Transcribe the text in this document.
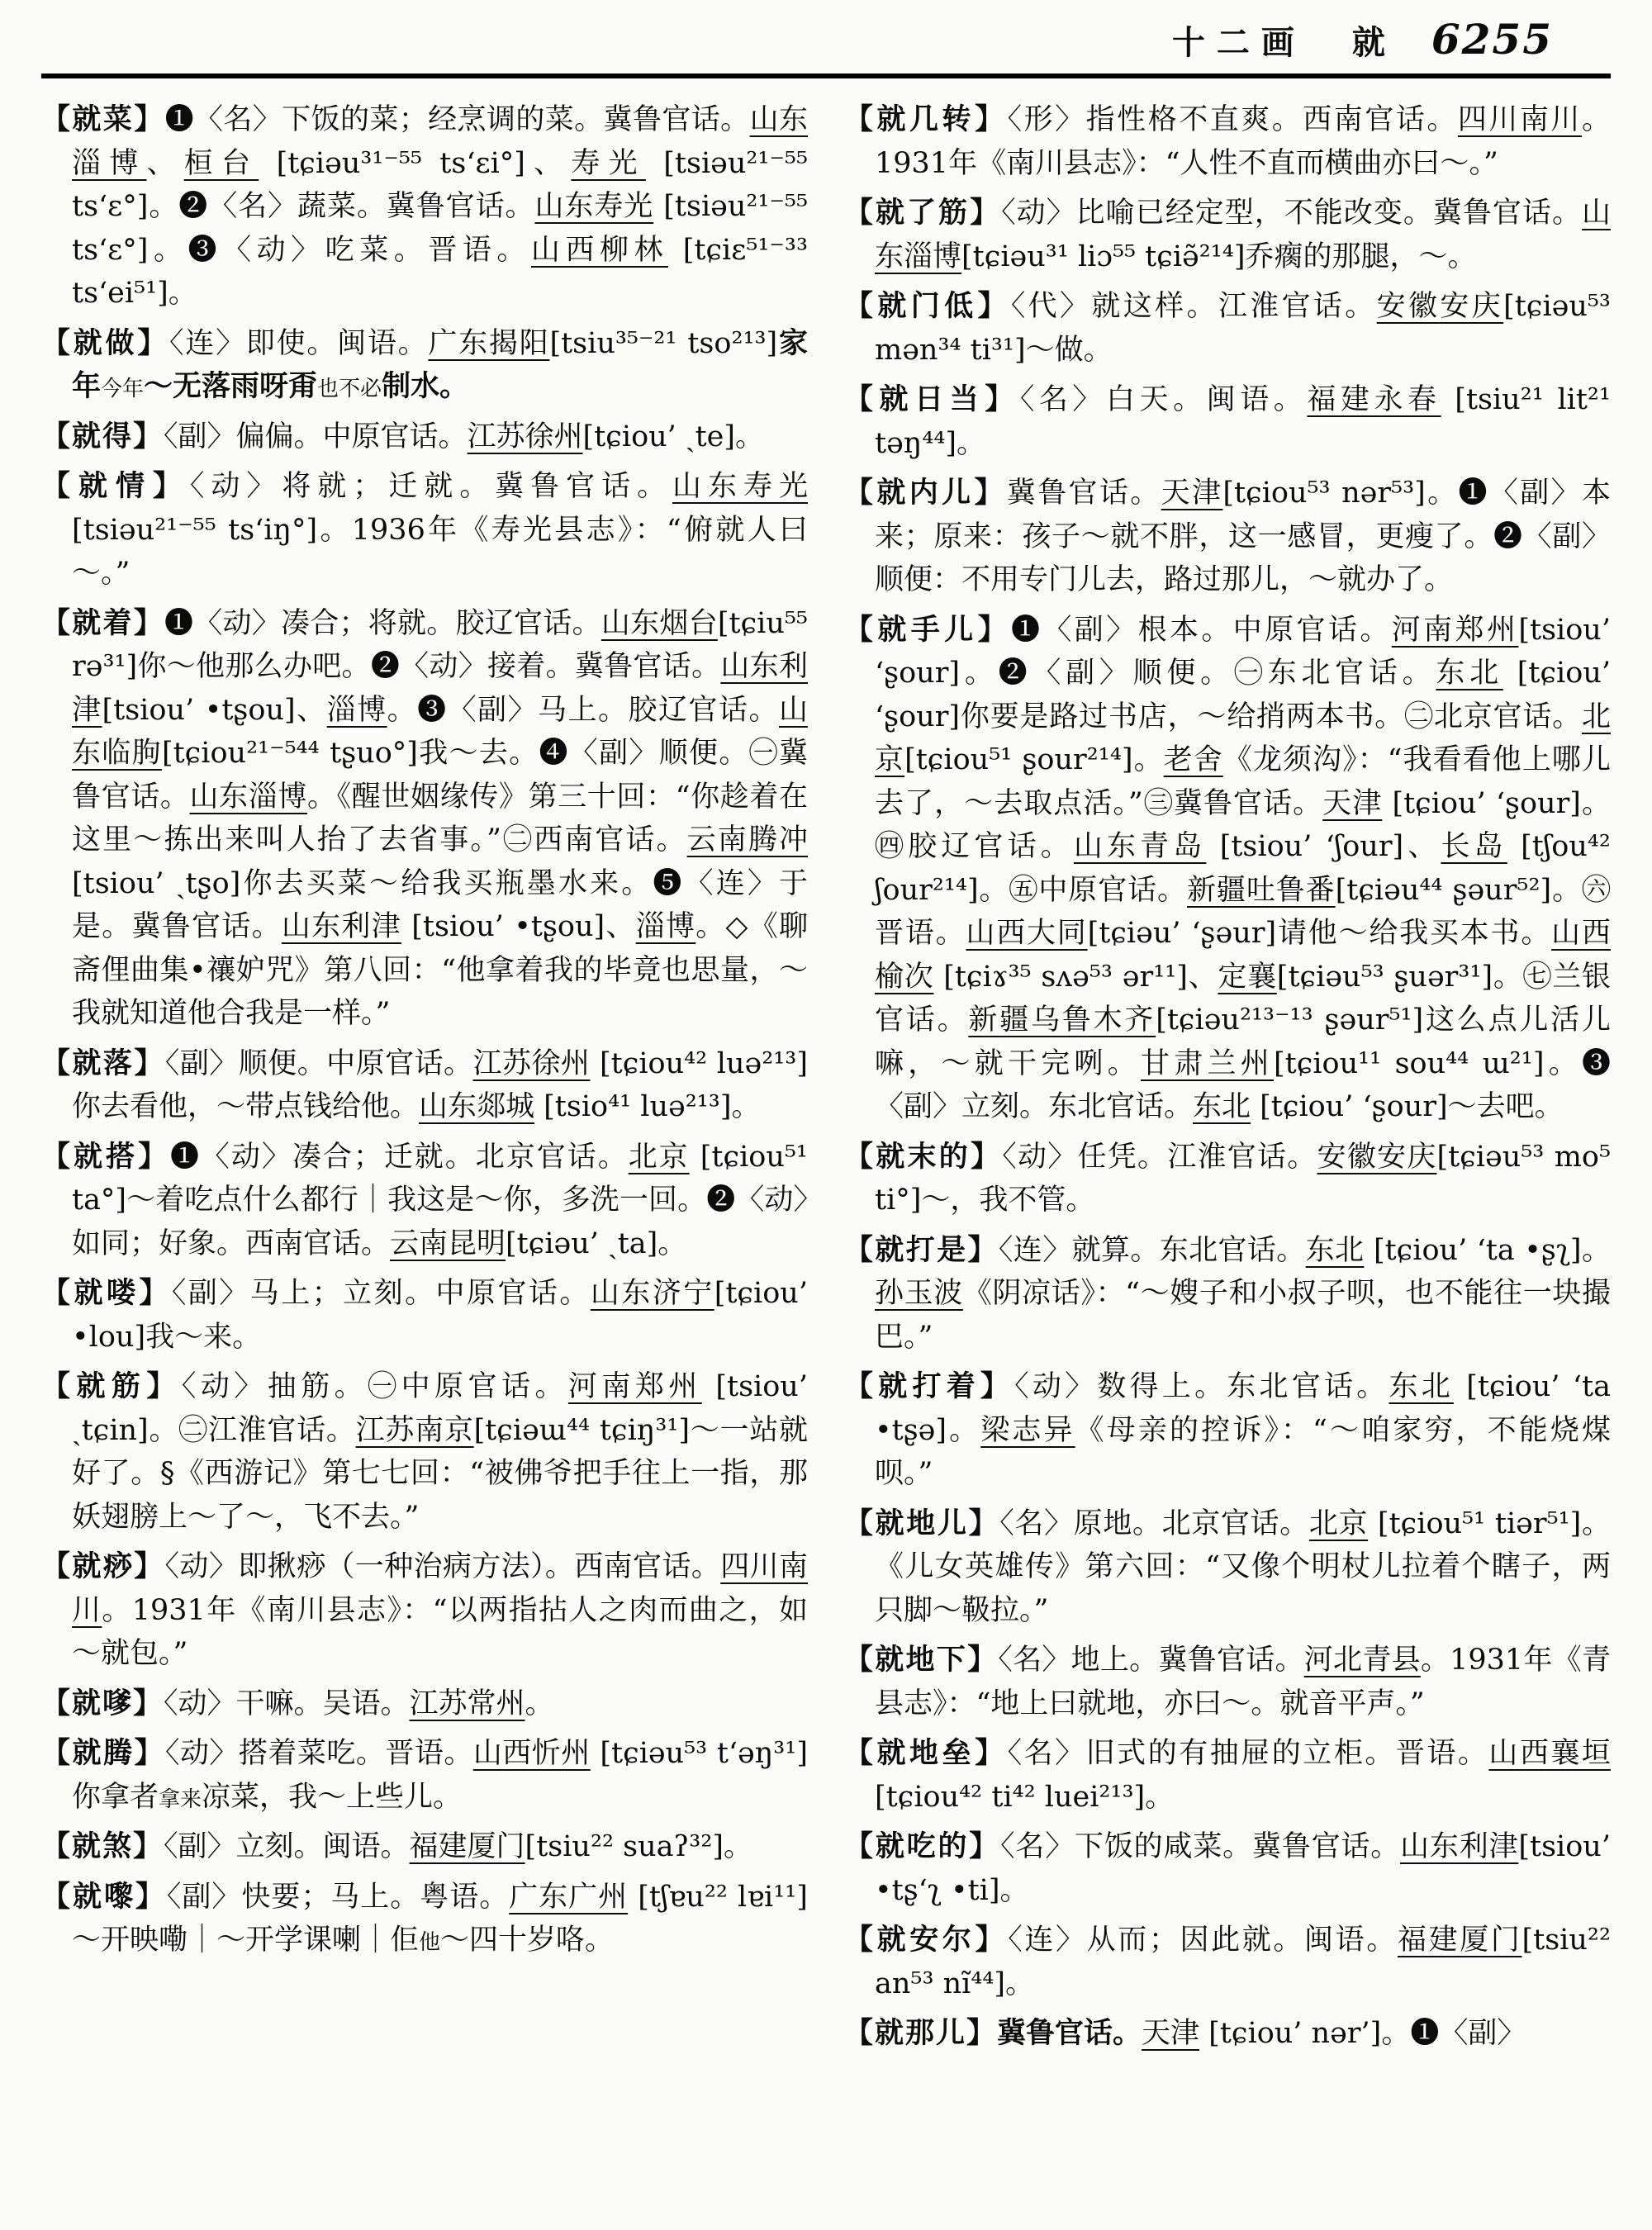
十二画 就 6255

【就菜】❶〈名〉下饭的菜；经烹调的菜。冀鲁官话。山东淄博、桓台 [tɕiəu³¹⁻⁵⁵ tsʻɛi°]、寿光 [tsiəu²¹⁻⁵⁵ tsʻɛ°]。❷〈名〉蔬菜。冀鲁官话。山东寿光 [tsiəu²¹⁻⁵⁵ tsʻɛ°]。❸〈动〉吃菜。晋语。山西柳林 [tɕiɛ⁵¹⁻³³ tsʻei⁵¹]。

【就做】〈连〉即使。闽语。广东揭阳[tsiu³⁵⁻²¹ tso²¹³]家年今年～无落雨呀甭也不必制水。

【就得】〈副〉偏偏。中原官话。江苏徐州[tɕiou’ ˏte]。

【就情】〈动〉将就；迁就。冀鲁官话。山东寿光[tsiəu²¹⁻⁵⁵ tsʻiŋ°]。1936年《寿光县志》：“俯就人曰～。”

【就着】❶〈动〉凑合；将就。胶辽官话。山东烟台[tɕiu⁵⁵ rə³¹]你～他那么办吧。❷〈动〉接着。冀鲁官话。山东利津[tsiou’ •tʂou]、淄博。❸〈副〉马上。胶辽官话。山东临朐[tɕiou²¹⁻⁵⁴⁴ tʂuo°]我～去。❹〈副〉顺便。㊀冀鲁官话。山东淄博。《醒世姻缘传》第三十回：“你趁着在这里～拣出来叫人抬了去省事。”㊁西南官话。云南腾冲 [tsiou’ ˏtʂo]你去买菜～给我买瓶墨水来。❺〈连〉于是。冀鲁官话。山东利津 [tsiou’ •tʂou]、淄博。◇《聊斋俚曲集•禳妒咒》第八回：“他拿着我的毕竟也思量，～我就知道他合我是一样。”

【就落】〈副〉顺便。中原官话。江苏徐州 [tɕiou⁴² luə²¹³]你去看他，～带点钱给他。山东郯城 [tsio⁴¹ luə²¹³]。

【就搭】❶〈动〉凑合；迁就。北京官话。北京 [tɕiou⁵¹ ta°]～着吃点什么都行｜我这是～你，多洗一回。❷〈动〉如同；好象。西南官话。云南昆明[tɕiəu’ ˏta]。

【就喽】〈副〉马上；立刻。中原官话。山东济宁[tɕiou’ •lou]我～来。

【就筋】〈动〉抽筋。㊀中原官话。河南郑州 [tsiou’ ˏtɕin]。㊁江淮官话。江苏南京[tɕiəɯ⁴⁴ tɕiŋ³¹]～一站就好了。§《西游记》第七七回：“被佛爷把手往上一指，那妖翅膀上～了～，飞不去。”

【就痧】〈动〉即揪痧（一种治病方法）。西南官话。四川南川。1931年《南川县志》：“以两指拈人之肉而曲之，如～就包。”

【就嗲】〈动〉干嘛。吴语。江苏常州。

【就腾】〈动〉搭着菜吃。晋语。山西忻州 [tɕiəu⁵³ tʻəŋ³¹] 你拿者拿来凉菜，我～上些儿。

【就煞】〈副〉立刻。闽语。福建厦门[tsiu²² suaʔ³²]。

【就嚟】〈副〉快要；马上。粤语。广东广州 [tʃɐu²² lɐi¹¹] ～开映嘞｜～开学课喇｜佢他～四十岁咯。

【就几转】〈形〉指性格不直爽。西南官话。四川南川。1931年《南川县志》：“人性不直而横曲亦曰～。”

【就了筋】〈动〉比喻已经定型，不能改变。冀鲁官话。山东淄博[tɕiəu³¹ liɔ⁵⁵ tɕiə̃²¹⁴]乔瘸的那腿，～。

【就门低】〈代〉就这样。江淮官话。安徽安庆[tɕiəu⁵³ mən³⁴ ti³¹]～做。

【就日当】〈名〉白天。闽语。福建永春 [tsiu²¹ lit²¹ təŋ⁴⁴]。

【就内儿】冀鲁官话。天津[tɕiou⁵³ nər⁵³]。❶〈副〉本来；原来：孩子～就不胖，这一感冒，更瘦了。❷〈副〉顺便：不用专门儿去，路过那儿，～就办了。

【就手儿】❶〈副〉根本。中原官话。河南郑州[tsiou’ ʻʂour]。❷〈副〉顺便。㊀东北官话。东北 [tɕiou’ ʻʂour]你要是路过书店，～给捎两本书。㊁北京官话。北京[tɕiou⁵¹ ʂour²¹⁴]。老舍《龙须沟》：“我看看他上哪儿去了，～去取点活。”㊂冀鲁官话。天津 [tɕiou’ ʻʂour]。㊃胶辽官话。山东青岛 [tsiou’ ʻʃour]、长岛 [tʃou⁴² ʃour²¹⁴]。㊄中原官话。新疆吐鲁番[tɕiəu⁴⁴ ʂəur⁵²]。㊅晋语。山西大同[tɕiəu’ ʻʂəur]请他～给我买本书。山西榆次 [tɕiɤ³⁵ sʌə⁵³ ər¹¹]、定襄[tɕiəu⁵³ ʂuər³¹]。㊆兰银官话。新疆乌鲁木齐[tɕiəu²¹³⁻¹³ ʂəur⁵¹]这么点儿活儿嘛，～就干完咧。甘肃兰州[tɕiou¹¹ sou⁴⁴ ɯ²¹]。❸〈副〉立刻。东北官话。东北 [tɕiou’ ʻʂour]～去吧。

【就末的】〈动〉任凭。江淮官话。安徽安庆[tɕiəu⁵³ mo⁵ ti°]～，我不管。

【就打是】〈连〉就算。东北官话。东北 [tɕiou’ ʻta •ʂʅ]。孙玉波《阴凉话》：“～嫂子和小叔子呗，也不能往一块撮巴。”

【就打着】〈动〉数得上。东北官话。东北 [tɕiou’ ʻta •tʂə]。梁志异《母亲的控诉》：“～咱家穷，不能烧煤呗。”

【就地儿】〈名〉原地。北京官话。北京 [tɕiou⁵¹ tiər⁵¹]。《儿女英雄传》第六回：“又像个明杖儿拉着个瞎子，两只脚～靸拉。”

【就地下】〈名〉地上。冀鲁官话。河北青县。1931年《青县志》：“地上曰就地，亦曰～。就音平声。”

【就地垒】〈名〉旧式的有抽屉的立柜。晋语。山西襄垣[tɕiou⁴² ti⁴² luei²¹³]。

【就吃的】〈名〉下饭的咸菜。冀鲁官话。山东利津[tsiou’ •tʂʻʅ •ti]。

【就安尔】〈连〉从而；因此就。闽语。福建厦门[tsiu²² an⁵³ nĩ⁴⁴]。

【就那儿】冀鲁官话。天津 [tɕiou’ nər’]。❶〈副〉
